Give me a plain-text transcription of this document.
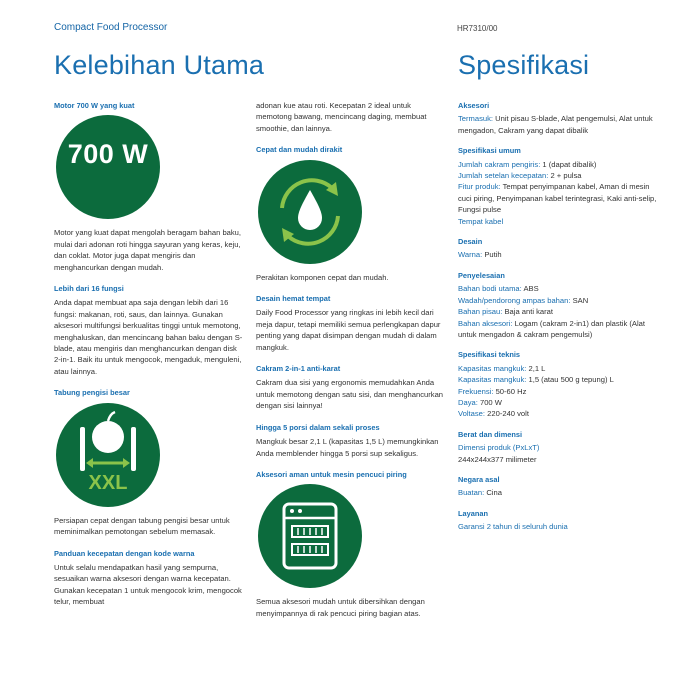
Compact Food Processor	HR7310/00
Kelebihan Utama	Spesifikasi
Motor 700 W yang kuat
700 W

Motor yang kuat dapat mengolah beragam bahan baku, mulai dari adonan roti hingga sayuran yang keras, keju, dan coklat. Motor juga dapat mengiris dan menghancurkan dengan mudah.

Lebih dari 16 fungsi

Anda dapat membuat apa saja dengan lebih dari 16 fungsi: makanan, roti, saus, dan lainnya. Gunakan aksesori multifungsi berkualitas tinggi untuk memotong, menghaluskan, dan mencincang bahan baku dengan S-blade, atau mengiris dan menghancurkan dengan disk 2-in-1. Baik itu untuk mengocok, mengaduk, menguleni, atau lainnya.

Tabung pengisi besar
XXL

Persiapan cepat dengan tabung pengisi besar untuk meminimalkan pemotongan sebelum memasak.

Panduan kecepatan dengan kode warna

Untuk selalu mendapatkan hasil yang sempurna, sesuaikan warna aksesori dengan warna kecepatan. Gunakan kecepatan 1 untuk mengocok krim, mengocok telur, membuat

adonan kue atau roti. Kecepatan 2 ideal untuk memotong bawang, mencincang daging, membuat smoothie, dan lainnya.

Cepat dan mudah dirakit

Perakitan komponen cepat dan mudah.

Desain hemat tempat

Daily Food Processor yang ringkas ini lebih kecil dari meja dapur, tetapi memiliki semua perlengkapan dapur penting yang dapat disimpan dengan mudah di dalam mangkuk.

Cakram 2-in-1 anti-karat

Cakram dua sisi yang ergonomis memudahkan Anda untuk memotong dengan satu sisi, dan menghancurkan dengan sisi lainnya!

Hingga 5 porsi dalam sekali proses

Mangkuk besar 2,1 L (kapasitas 1,5 L) memungkinkan Anda memblender hingga 5 porsi sup sekaligus.

Aksesori aman untuk mesin pencuci piring

Semua aksesori mudah untuk dibersihkan dengan menyimpannya di rak pencuci piring bagian atas.

Aksesori
Termasuk: Unit pisau S-blade, Alat pengemulsi, Alat untuk mengadon, Cakram yang dapat dibalik
Spesifikasi umum
Jumlah cakram pengiris: 1 (dapat dibalik)
Jumlah setelan kecepatan: 2 + pulsa
Fitur produk: Tempat penyimpanan kabel, Aman di mesin cuci piring, Penyimpanan kabel terintegrasi, Kaki anti-selip, Fungsi pulse
Tempat kabel
Desain
Warna: Putih
Penyelesaian
Bahan bodi utama: ABS
Wadah/pendorong ampas bahan: SAN
Bahan pisau: Baja anti karat
Bahan aksesori: Logam (cakram 2-in1) dan plastik (Alat untuk mengadon & cakram pengemulsi)
Spesifikasi teknis
Kapasitas mangkuk: 2,1 L
Kapasitas mangkuk: 1,5 (atau 500 g tepung) L
Frekuensi: 50-60 Hz
Daya: 700 W
Voltase: 220-240 volt
Berat dan dimensi
Dimensi produk (PxLxT)
244x244x377 milimeter
Negara asal
Buatan: Cina
Layanan
Garansi 2 tahun di seluruh dunia
